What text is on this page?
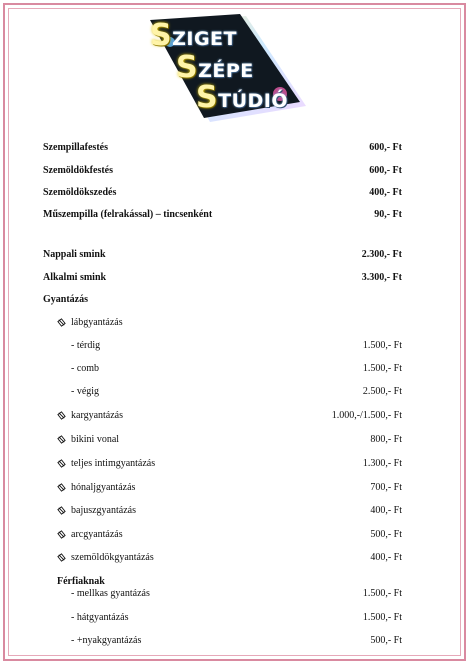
SZIGET
SZÉPE
STÚDIÓ
Szempillafestés	600,- Ft
Szemöldökfestés	600,- Ft
Szemöldökszedés	400,- Ft
Műszempilla (felrakással) – tincsenként	90,- Ft
Nappali smink	2.300,- Ft
Alkalmi smink	3.300,- Ft
Gyantázás
lábgyantázás
- térdig	1.500,- Ft
- comb	1.500,- Ft
- végig	2.500,- Ft
kargyantázás	1.000,-/1.500,- Ft
bikini vonal	800,- Ft
teljes intimgyantázás	1.300,- Ft
hónaljgyantázás	700,- Ft
bajuszgyantázás	400,- Ft
arcgyantázás	500,- Ft
szemöldökgyantázás	400,- Ft
Férfiaknak
- mellkas gyantázás	1.500,- Ft
- hátgyantázás	1.500,- Ft
- +nyakgyantázás	500,- Ft
